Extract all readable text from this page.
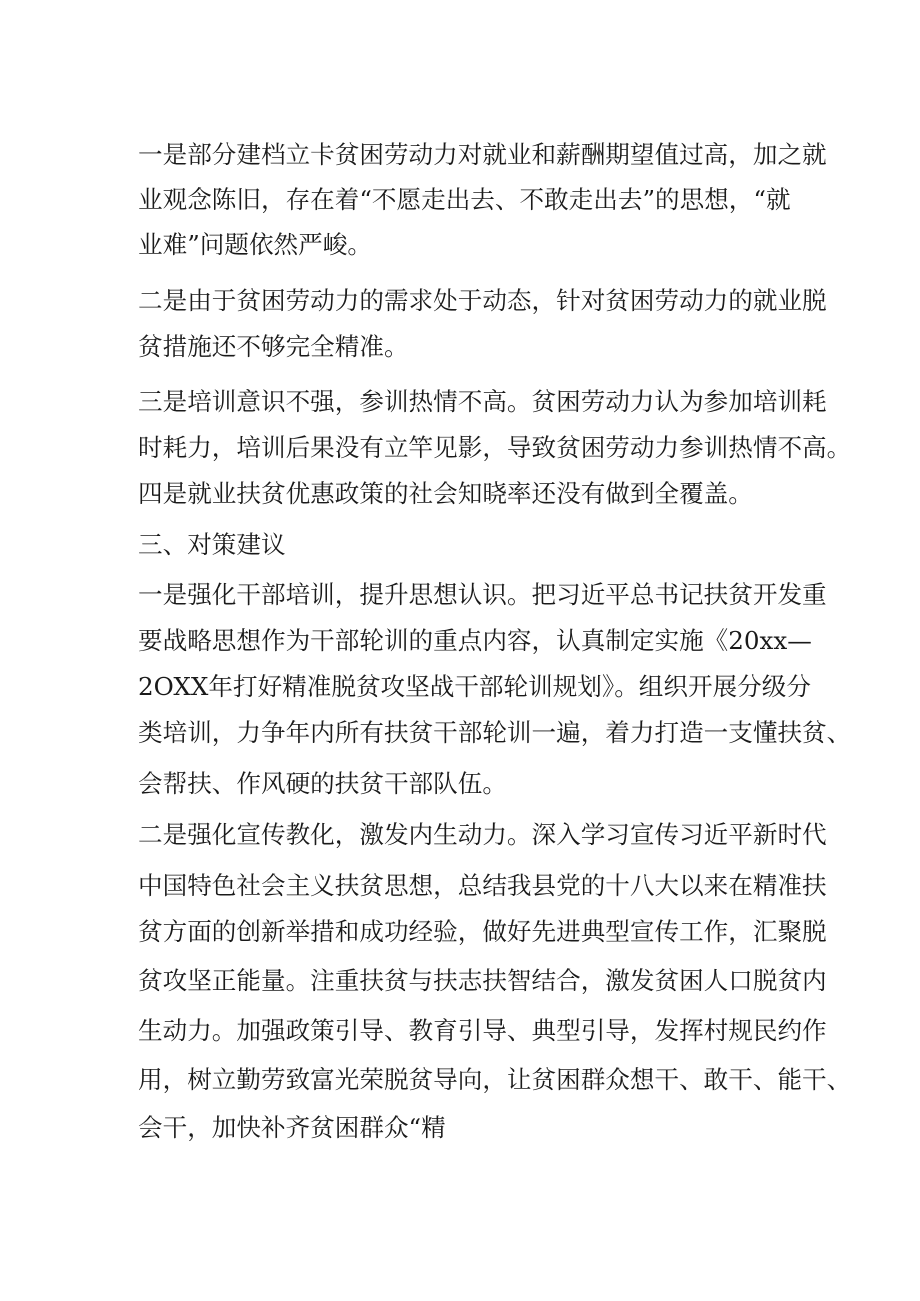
一是部分建档立卡贫困劳动力对就业和薪酬期望值过高，加之就

业观念陈旧，存在着“不愿走出去、不敢走出去”的思想，“就

业难”问题依然严峻。

二是由于贫困劳动力的需求处于动态，针对贫困劳动力的就业脱

贫措施还不够完全精准。

三是培训意识不强，参训热情不高。贫困劳动力认为参加培训耗

时耗力，培训后果没有立竿见影，导致贫困劳动力参训热情不高。

四是就业扶贫优惠政策的社会知晓率还没有做到全覆盖。

三、对策建议

一是强化干部培训，提升思想认识。把习近平总书记扶贫开发重

要战略思想作为干部轮训的重点内容，认真制定实施《20xx—

2OXX年打好精准脱贫攻坚战干部轮训规划》。组织开展分级分

类培训，力争年内所有扶贫干部轮训一遍，着力打造一支懂扶贫、

会帮扶、作风硬的扶贫干部队伍。

二是强化宣传教化，激发内生动力。深入学习宣传习近平新时代

中国特色社会主义扶贫思想，总结我县党的十八大以来在精准扶

贫方面的创新举措和成功经验，做好先进典型宣传工作，汇聚脱

贫攻坚正能量。注重扶贫与扶志扶智结合，激发贫困人口脱贫内

生动力。加强政策引导、教育引导、典型引导，发挥村规民约作

用，树立勤劳致富光荣脱贫导向，让贫困群众想干、敢干、能干、

会干，加快补齐贫困群众“精
